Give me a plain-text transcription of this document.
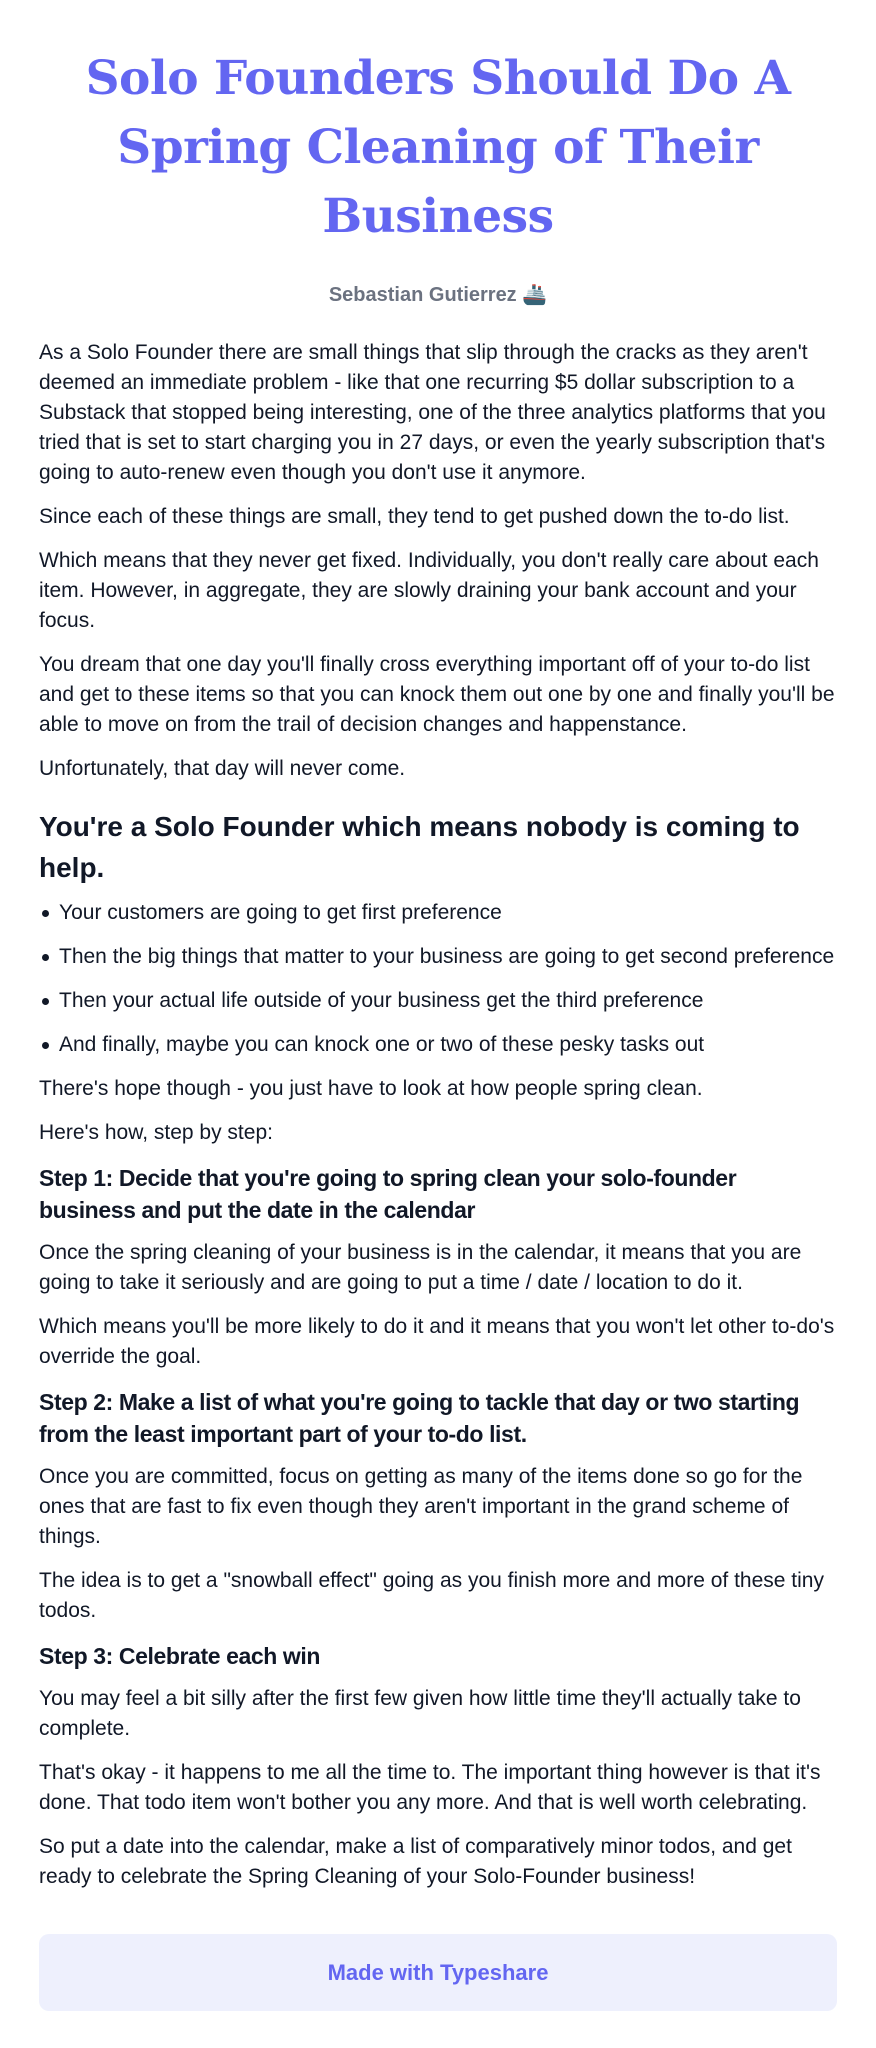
Solo Founders Should Do A Spring Cleaning of Their Business
Sebastian Gutierrez 🚢

As a Solo Founder there are small things that slip through the cracks as they aren't deemed an immediate problem - like that one recurring $5 dollar subscription to a Substack that stopped being interesting, one of the three analytics platforms that you tried that is set to start charging you in 27 days, or even the yearly subscription that's going to auto-renew even though you don't use it anymore.

Since each of these things are small, they tend to get pushed down the to-do list.

Which means that they never get fixed. Individually, you don't really care about each item. However, in aggregate, they are slowly draining your bank account and your focus.

You dream that one day you'll finally cross everything important off of your to-do list and get to these items so that you can knock them out one by one and finally you'll be able to move on from the trail of decision changes and happenstance.

Unfortunately, that day will never come.

You're a Solo Founder which means nobody is coming to help.
Your customers are going to get first preference
Then the big things that matter to your business are going to get second preference
Then your actual life outside of your business get the third preference
And finally, maybe you can knock one or two of these pesky tasks out

There's hope though - you just have to look at how people spring clean.

Here's how, step by step:

Step 1: Decide that you're going to spring clean your solo-founder business and put the date in the calendar

Once the spring cleaning of your business is in the calendar, it means that you are going to take it seriously and are going to put a time / date / location to do it.

Which means you'll be more likely to do it and it means that you won't let other to-do's override the goal.

Step 2: Make a list of what you're going to tackle that day or two starting from the least important part of your to-do list.

Once you are committed, focus on getting as many of the items done so go for the ones that are fast to fix even though they aren't important in the grand scheme of things.

The idea is to get a "snowball effect" going as you finish more and more of these tiny todos.

Step 3: Celebrate each win

You may feel a bit silly after the first few given how little time they'll actually take to complete.

That's okay - it happens to me all the time to. The important thing however is that it's done. That todo item won't bother you any more. And that is well worth celebrating.

So put a date into the calendar, make a list of comparatively minor todos, and get ready to celebrate the Spring Cleaning of your Solo-Founder business!

Made with Typeshare
